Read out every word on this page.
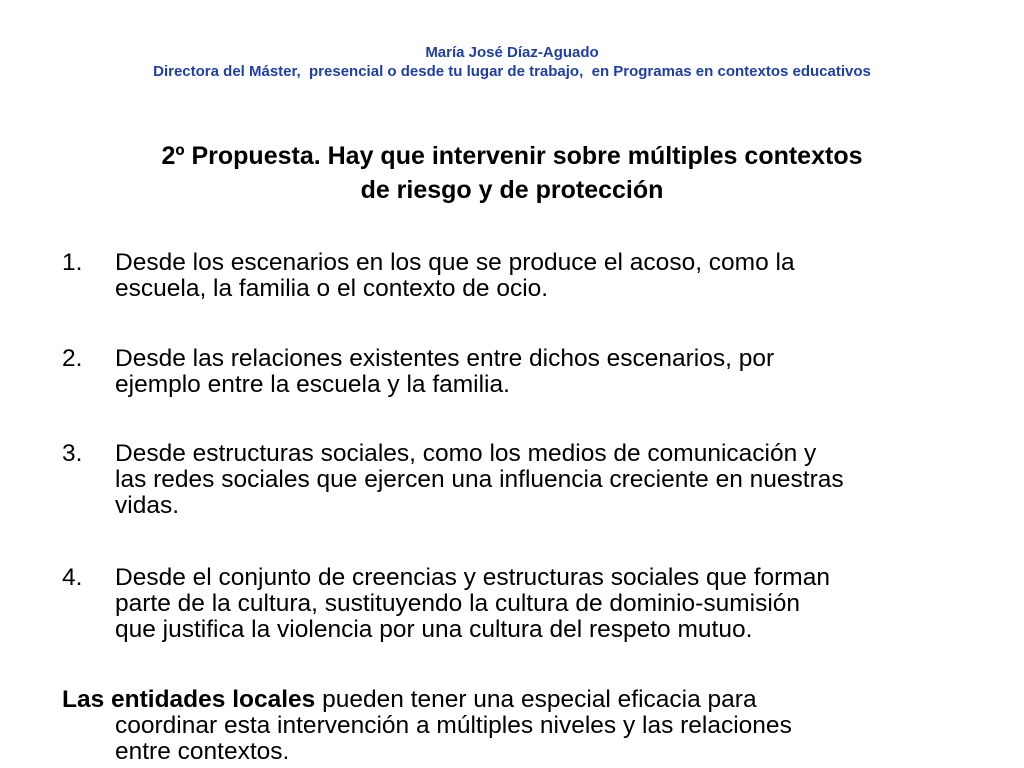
María José Díaz-Aguado
Directora del Máster,  presencial o desde tu lugar de trabajo,  en Programas en contextos educativos
2º Propuesta. Hay que intervenir sobre múltiples contextos
de riesgo y de protección
1. Desde los escenarios en los que se produce el acoso, como la
escuela, la familia o el contexto de ocio.
2. Desde las relaciones existentes entre dichos escenarios, por
ejemplo entre la escuela y la familia.
3. Desde estructuras sociales, como los medios de comunicación y
las redes sociales que ejercen una influencia creciente en nuestras
vidas.
4. Desde el conjunto de creencias y estructuras sociales que forman
parte de la cultura, sustituyendo la cultura de dominio-sumisión
que justifica la violencia por una cultura del respeto mutuo.
Las entidades locales pueden tener una especial eficacia para
coordinar esta intervención a múltiples niveles y las relaciones
entre contextos.
